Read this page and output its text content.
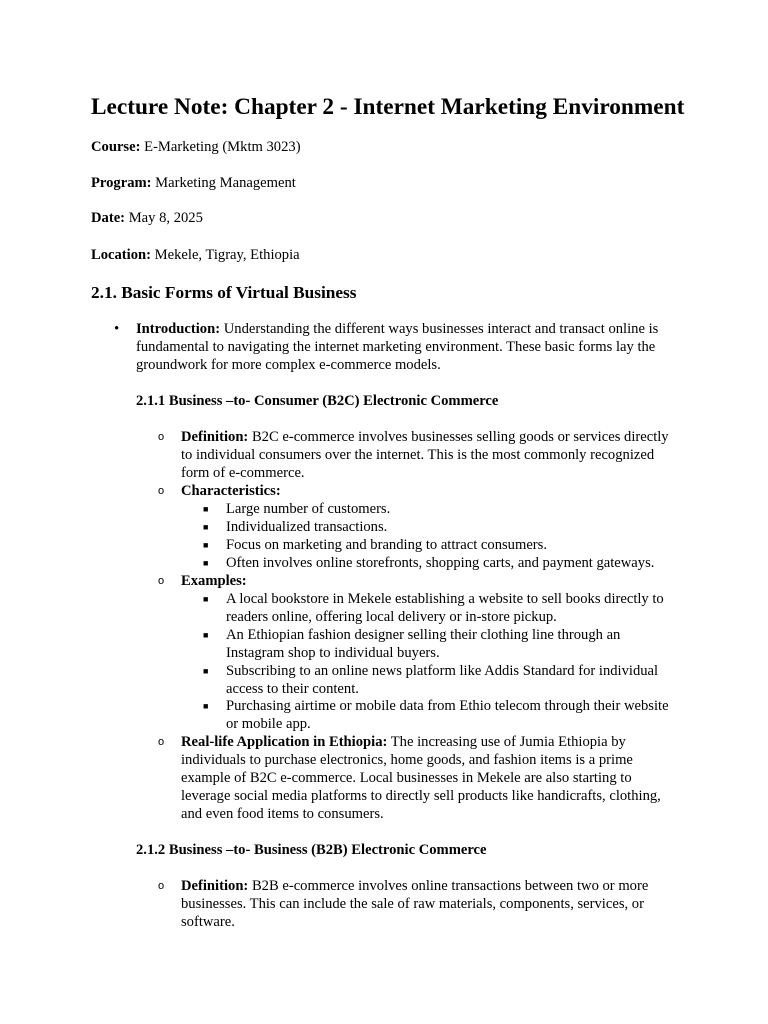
Lecture Note: Chapter 2 - Internet Marketing Environment

Course: E-Marketing (Mktm 3023)

Program: Marketing Management

Date: May 8, 2025

Location: Mekele, Tigray, Ethiopia

2.1. Basic Forms of Virtual Business
• Introduction: Understanding the different ways businesses interact and transact online is fundamental to navigating the internet marketing environment. These basic forms lay the groundwork for more complex e-commerce models.

2.1.1 Business –to- Consumer (B2C) Electronic Commerce
o Definition: B2C e-commerce involves businesses selling goods or services directly to individual consumers over the internet. This is the most commonly recognized form of e-commerce.

o Characteristics:

■ Large number of customers.

■ Individualized transactions.

■ Focus on marketing and branding to attract consumers.

■ Often involves online storefronts, shopping carts, and payment gateways.

o Examples:

■ A local bookstore in Mekele establishing a website to sell books directly to readers online, offering local delivery or in-store pickup.

■ An Ethiopian fashion designer selling their clothing line through an Instagram shop to individual buyers.

■ Subscribing to an online news platform like Addis Standard for individual access to their content.

■ Purchasing airtime or mobile data from Ethio telecom through their website or mobile app.

o Real-life Application in Ethiopia: The increasing use of Jumia Ethiopia by individuals to purchase electronics, home goods, and fashion items is a prime example of B2C e-commerce. Local businesses in Mekele are also starting to leverage social media platforms to directly sell products like handicrafts, clothing, and even food items to consumers.

2.1.2 Business –to- Business (B2B) Electronic Commerce
o Definition: B2B e-commerce involves online transactions between two or more businesses. This can include the sale of raw materials, components, services, or software.
